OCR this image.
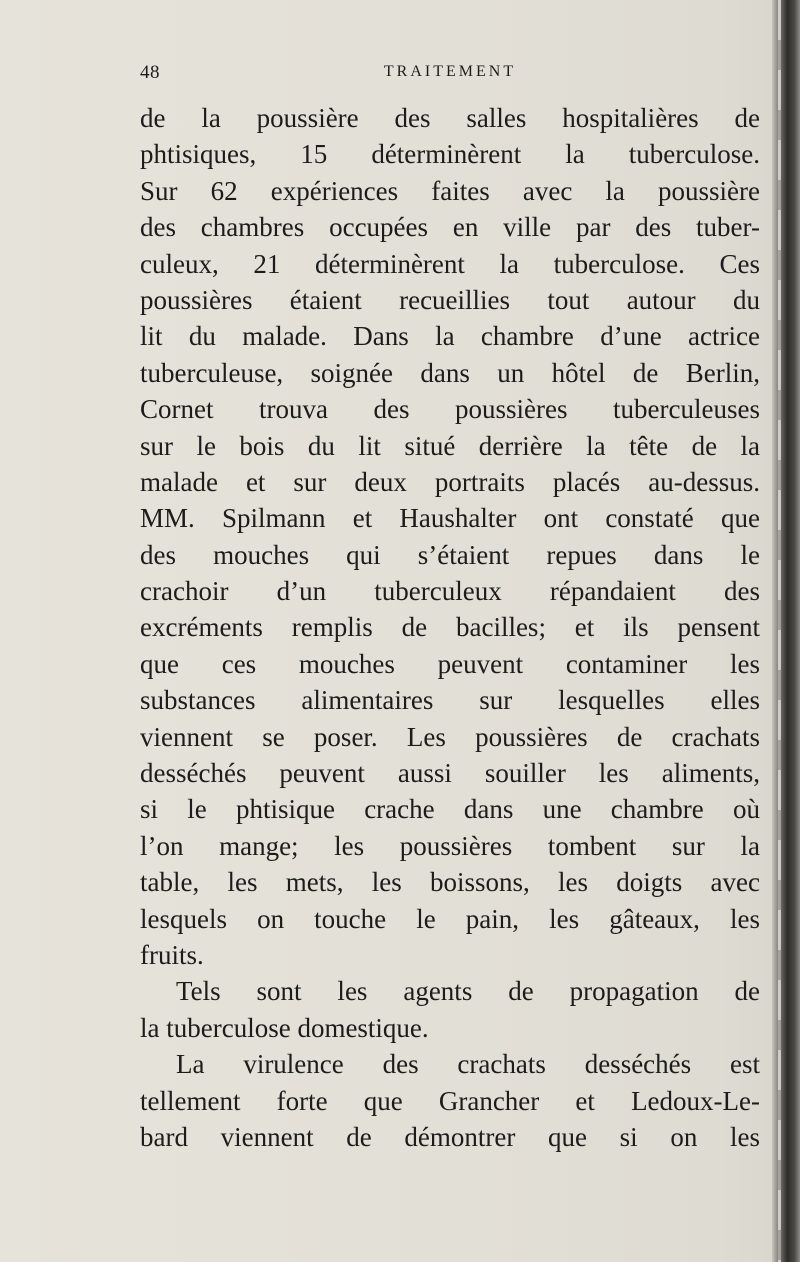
48	TRAITEMENT
de la poussière des salles hospitalières de
phtisiques, 15 déterminèrent la tuberculose.
Sur 62 expériences faites avec la poussière
des chambres occupées en ville par des tuber-
culeux, 21 déterminèrent la tuberculose. Ces
poussières étaient recueillies tout autour du
lit du malade. Dans la chambre d’une actrice
tuberculeuse, soignée dans un hôtel de Berlin,
Cornet trouva des poussières tuberculeuses
sur le bois du lit situé derrière la tête de la
malade et sur deux portraits placés au-dessus.
MM. Spilmann et Haushalter ont constaté que
des mouches qui s’étaient repues dans le
crachoir d’un tuberculeux répandaient des
excréments remplis de bacilles; et ils pensent
que ces mouches peuvent contaminer les
substances alimentaires sur lesquelles elles
viennent se poser. Les poussières de crachats
desséchés peuvent aussi souiller les aliments,
si le phtisique crache dans une chambre où
l’on mange; les poussières tombent sur la
table, les mets, les boissons, les doigts avec
lesquels on touche le pain, les gâteaux, les
fruits.
Tels sont les agents de propagation de
la tuberculose domestique.
La virulence des crachats desséchés est
tellement forte que Grancher et Ledoux-Le-
bard viennent de démontrer que si on les
